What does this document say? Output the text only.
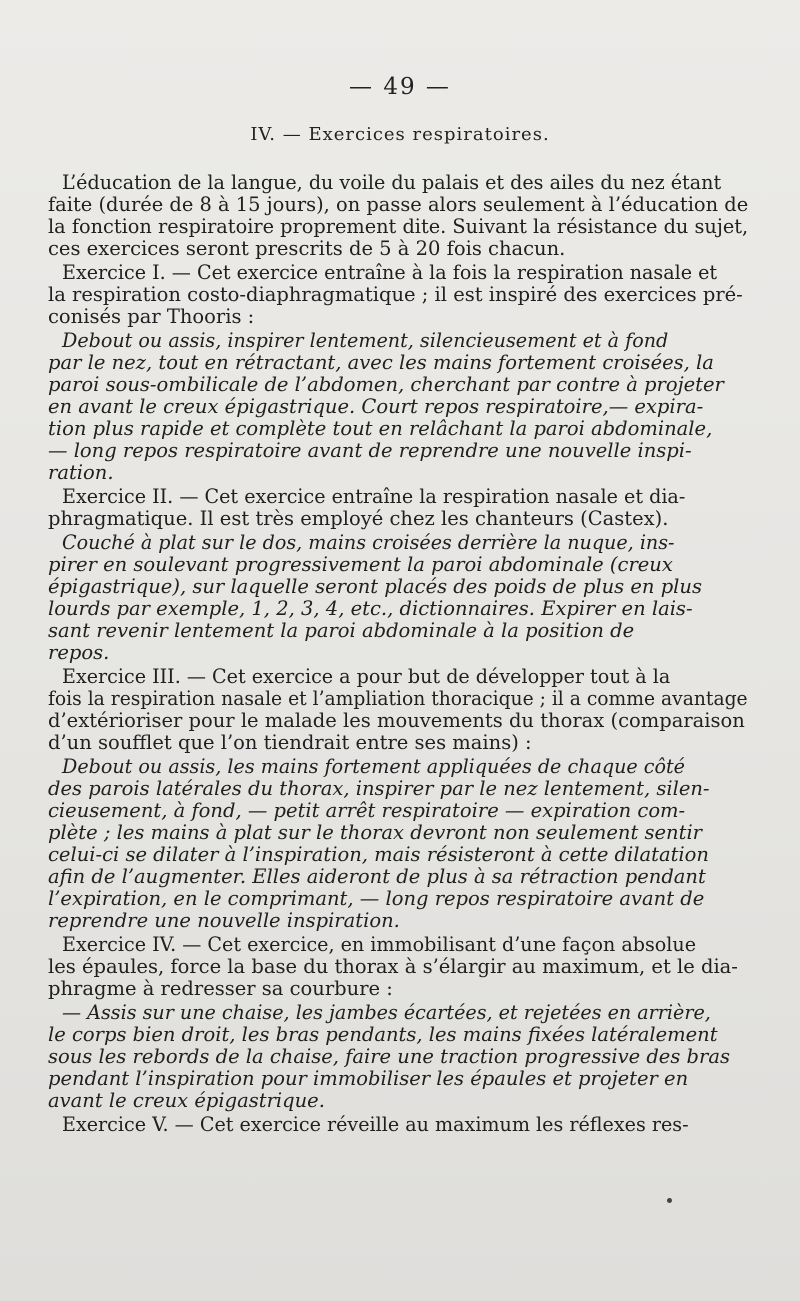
— 49 —
IV. — Exercices respiratoires.
L’éducation de la langue, du voile du palais et des ailes du nez étant
faite (durée de 8 à 15 jours), on passe alors seulement à l’éducation de
la fonction respiratoire proprement dite. Suivant la résistance du sujet,
ces exercices seront prescrits de 5 à 20 fois chacun.
Exercice I. — Cet exercice entraîne à la fois la respiration nasale et
la respiration costo-diaphragmatique ; il est inspiré des exercices pré-
conisés par Thooris :
Debout ou assis, inspirer lentement, silencieusement et à fond
par le nez, tout en rétractant, avec les mains fortement croisées, la
paroi sous-ombilicale de l’abdomen, cherchant par contre à projeter
en avant le creux épigastrique. Court repos respiratoire,— expira-
tion plus rapide et complète tout en relâchant la paroi abdominale,
— long repos respiratoire avant de reprendre une nouvelle inspi-
ration.
Exercice II. — Cet exercice entraîne la respiration nasale et dia-
phragmatique. Il est très employé chez les chanteurs (Castex).
Couché à plat sur le dos, mains croisées derrière la nuque, ins-
pirer en soulevant progressivement la paroi abdominale (creux
épigastrique), sur laquelle seront placés des poids de plus en plus
lourds par exemple, 1, 2, 3, 4, etc., dictionnaires. Expirer en lais-
sant revenir lentement la paroi abdominale à la position de
repos.
Exercice III. — Cet exercice a pour but de développer tout à la
fois la respiration nasale et l’ampliation thoracique ; il a comme avantage
d’extérioriser pour le malade les mouvements du thorax (comparaison
d’un soufflet que l’on tiendrait entre ses mains) :
Debout ou assis, les mains fortement appliquées de chaque côté
des parois latérales du thorax, inspirer par le nez lentement, silen-
cieusement, à fond, — petit arrêt respiratoire — expiration com-
plète ; les mains à plat sur le thorax devront non seulement sentir
celui-ci se dilater à l’inspiration, mais résisteront à cette dilatation
afin de l’augmenter. Elles aideront de plus à sa rétraction pendant
l’expiration, en le comprimant, — long repos respiratoire avant de
reprendre une nouvelle inspiration.
Exercice IV. — Cet exercice, en immobilisant d’une façon absolue
les épaules, force la base du thorax à s’élargir au maximum, et le dia-
phragme à redresser sa courbure :
— Assis sur une chaise, les jambes écartées, et rejetées en arrière,
le corps bien droit, les bras pendants, les mains fixées latéralement
sous les rebords de la chaise, faire une traction progressive des bras
pendant l’inspiration pour immobiliser les épaules et projeter en
avant le creux épigastrique.
Exercice V. — Cet exercice réveille au maximum les réflexes res-
